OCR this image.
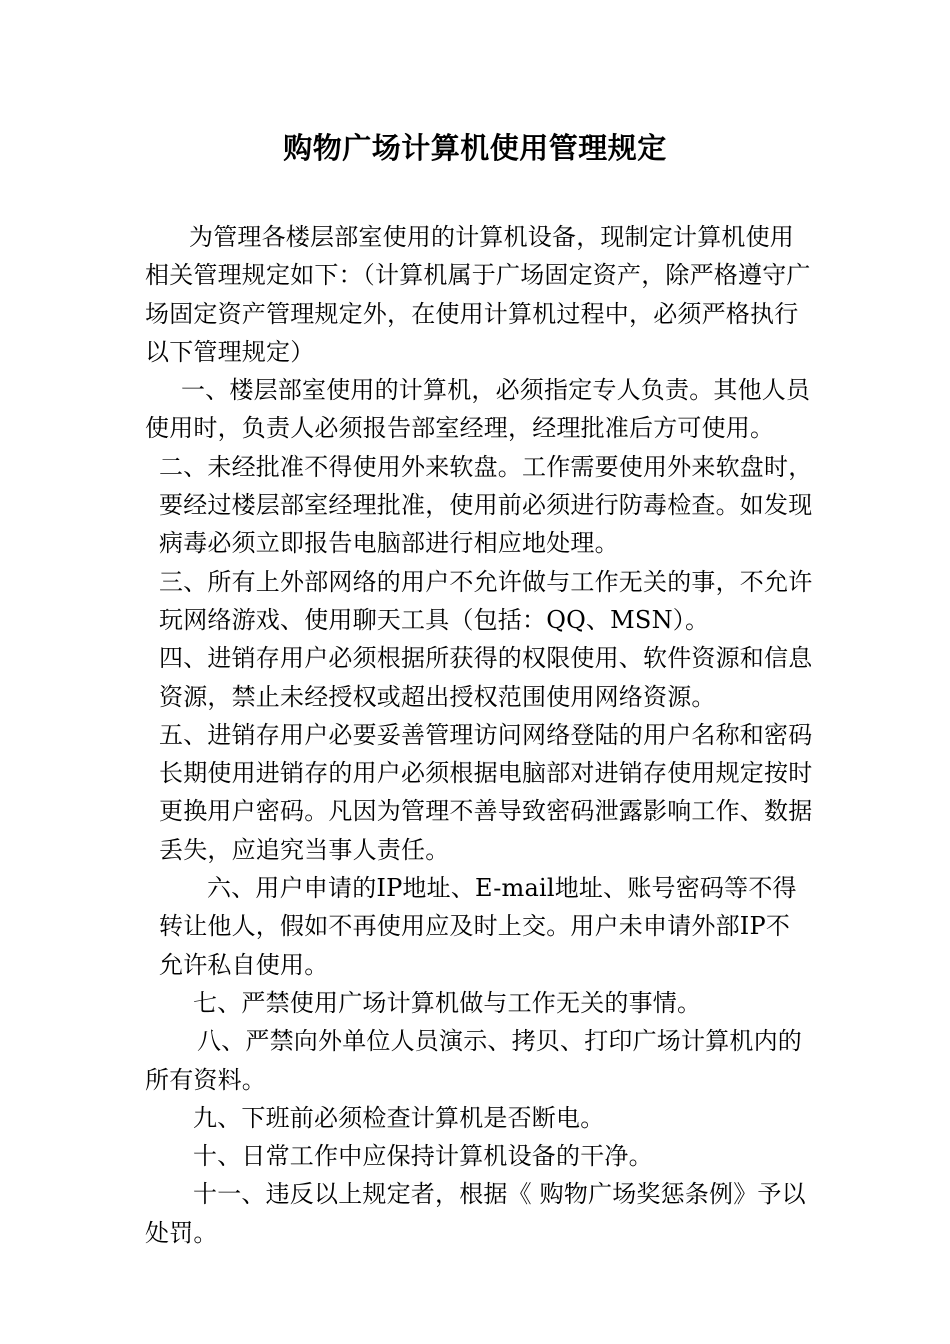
购物广场计算机使用管理规定

为管理各楼层部室使用的计算机设备，现制定计算机使用相关管理规定如下：（计算机属于广场固定资产，除严格遵守广场固定资产管理规定外，在使用计算机过程中，必须严格执行以下管理规定）

一、楼层部室使用的计算机，必须指定专人负责。其他人员使用时，负责人必须报告部室经理，经理批准后方可使用。

二、未经批准不得使用外来软盘。工作需要使用外来软盘时，要经过楼层部室经理批准，使用前必须进行防毒检查。如发现病毒必须立即报告电脑部进行相应地处理。

三、所有上外部网络的用户不允许做与工作无关的事，不允许玩网络游戏、使用聊天工具（包括：QQ、MSN）。

四、进销存用户必须根据所获得的权限使用、软件资源和信息资源，禁止未经授权或超出授权范围使用网络资源。

五、进销存用户必要妥善管理访问网络登陆的用户名称和密码长期使用进销存的用户必须根据电脑部对进销存使用规定按时更换用户密码。凡因为管理不善导致密码泄露影响工作、数据丢失，应追究当事人责任。

六、用户申请的IP地址、E-mail地址、账号密码等不得转让他人，假如不再使用应及时上交。用户未申请外部IP不允许私自使用。

七、严禁使用广场计算机做与工作无关的事情。

八、严禁向外单位人员演示、拷贝、打印广场计算机内的所有资料。

九、下班前必须检查计算机是否断电。

十、日常工作中应保持计算机设备的干净。

十一、违反以上规定者，根据《 购物广场奖惩条例》予以处罚。
